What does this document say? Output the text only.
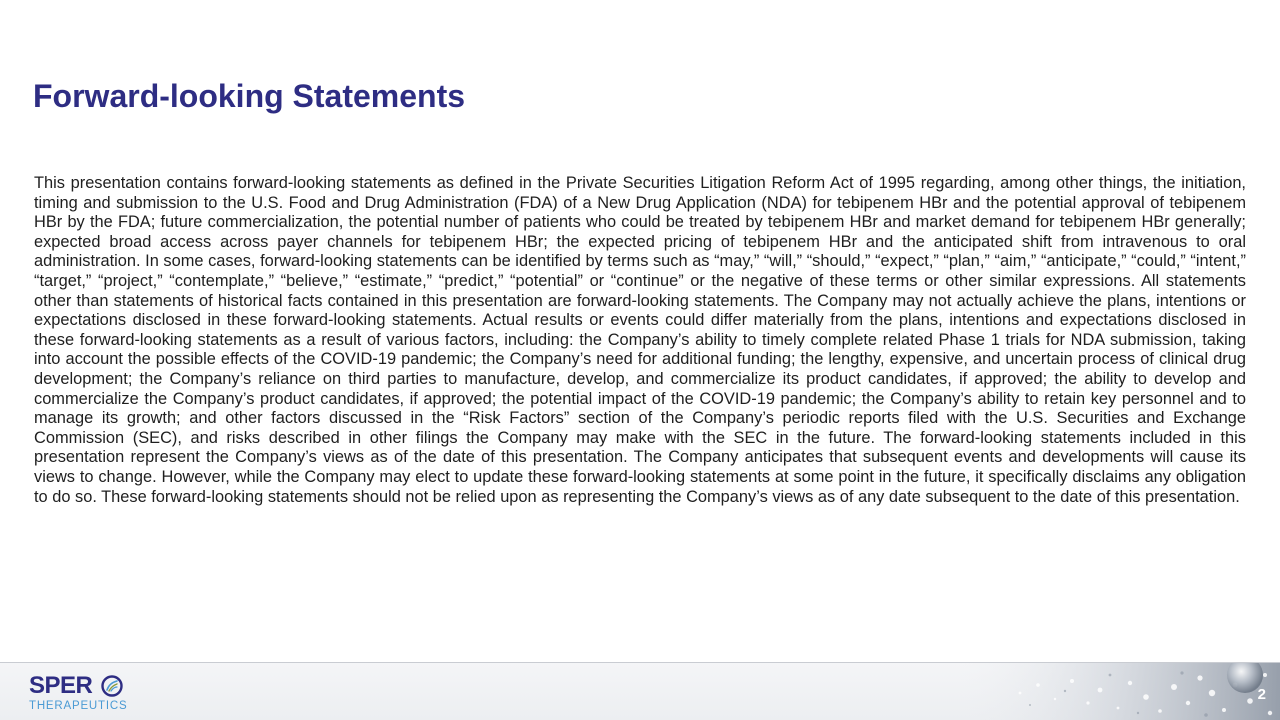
Forward-looking Statements
This presentation contains forward-looking statements as defined in the Private Securities Litigation Reform Act of 1995 regarding, among other things, the initiation, timing and submission to the U.S. Food and Drug Administration (FDA) of a New Drug Application (NDA) for tebipenem HBr and the potential approval of tebipenem HBr by the FDA; future commercialization, the potential number of patients who could be treated by tebipenem HBr and market demand for tebipenem HBr generally; expected broad access across payer channels for tebipenem HBr; the expected pricing of tebipenem HBr and the anticipated shift from intravenous to oral administration. In some cases, forward-looking statements can be identified by terms such as “may,” “will,” “should,” “expect,” “plan,” “aim,” “anticipate,” “could,” “intent,” “target,” “project,” “contemplate,” “believe,” “estimate,” “predict,” “potential” or “continue” or the negative of these terms or other similar expressions. All statements other than statements of historical facts contained in this presentation are forward-looking statements. The Company may not actually achieve the plans, intentions or expectations disclosed in these forward-looking statements. Actual results or events could differ materially from the plans, intentions and expectations disclosed in these forward-looking statements as a result of various factors, including: the Company’s ability to timely complete related Phase 1 trials for NDA submission, taking into account the possible effects of the COVID-19 pandemic; the Company’s need for additional funding; the lengthy, expensive, and uncertain process of clinical drug development; the Company’s reliance on third parties to manufacture, develop, and commercialize its product candidates, if approved; the ability to develop and commercialize the Company’s product candidates, if approved; the potential impact of the COVID-19 pandemic; the Company’s ability to retain key personnel and to manage its growth; and other factors discussed in the “Risk Factors” section of the Company’s periodic reports filed with the U.S. Securities and Exchange Commission (SEC), and risks described in other filings the Company may make with the SEC in the future. The forward-looking statements included in this presentation represent the Company’s views as of the date of this presentation. The Company anticipates that subsequent events and developments will cause its views to change. However, while the Company may elect to update these forward-looking statements at some point in the future, it specifically disclaims any obligation to do so. These forward-looking statements should not be relied upon as representing the Company’s views as of any date subsequent to the date of this presentation.
SPER
THERAPEUTICS
2
